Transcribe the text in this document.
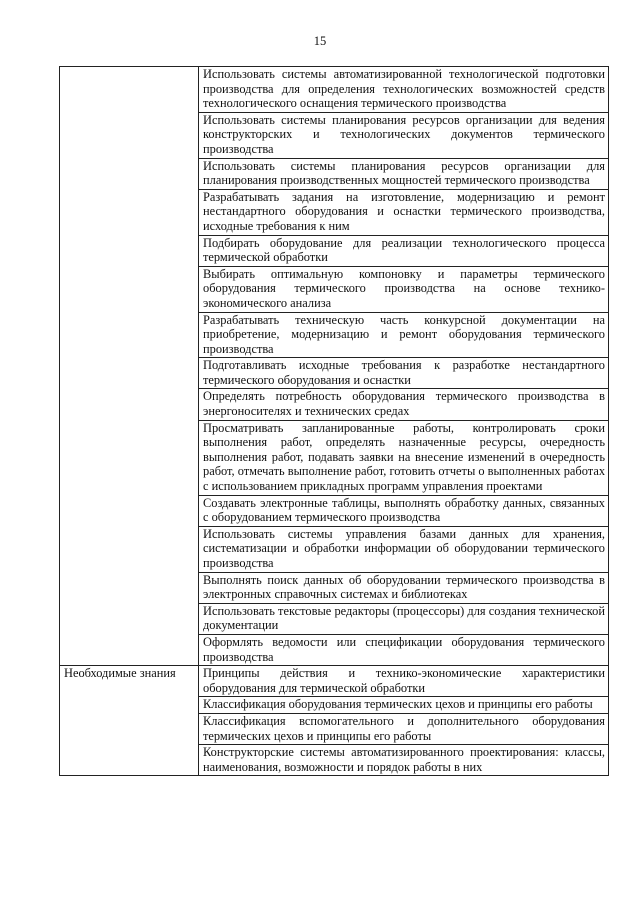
15
	Использовать системы автоматизированной технологической подготовки производства для определения технологических возможностей средств технологического оснащения термического производства
	Использовать системы планирования ресурсов организации для ведения конструкторских и технологических документов термического производства
	Использовать системы планирования ресурсов организации для планирования производственных мощностей термического производства
	Разрабатывать задания на изготовление, модернизацию и ремонт нестандартного оборудования и оснастки термического производства, исходные требования к ним
	Подбирать оборудование для реализации технологического процесса термической обработки
	Выбирать оптимальную компоновку и параметры термического оборудования термического производства на основе технико-экономического анализа
	Разрабатывать техническую часть конкурсной документации на приобретение, модернизацию и ремонт оборудования термического производства
	Подготавливать исходные требования к разработке нестандартного термического оборудования и оснастки
	Определять потребность оборудования термического производства в энергоносителях и технических средах
	Просматривать запланированные работы, контролировать сроки выполнения работ, определять назначенные ресурсы, очередность выполнения работ, подавать заявки на внесение изменений в очередность работ, отмечать выполнение работ, готовить отчеты о выполненных работах с использованием прикладных программ управления проектами
	Создавать электронные таблицы, выполнять обработку данных, связанных с оборудованием термического производства
	Использовать системы управления базами данных для хранения, систематизации и обработки информации об оборудовании термического производства
	Выполнять поиск данных об оборудовании термического производства в электронных справочных системах и библиотеках
	Использовать текстовые редакторы (процессоры) для создания технической документации
	Оформлять ведомости или спецификации оборудования термического производства
Необходимые знания	Принципы действия и технико-экономические характеристики оборудования для термической обработки
	Классификация оборудования термических цехов и принципы его работы
	Классификация вспомогательного и дополнительного оборудования термических цехов и принципы его работы
	Конструкторские системы автоматизированного проектирования: классы, наименования, возможности и порядок работы в них
